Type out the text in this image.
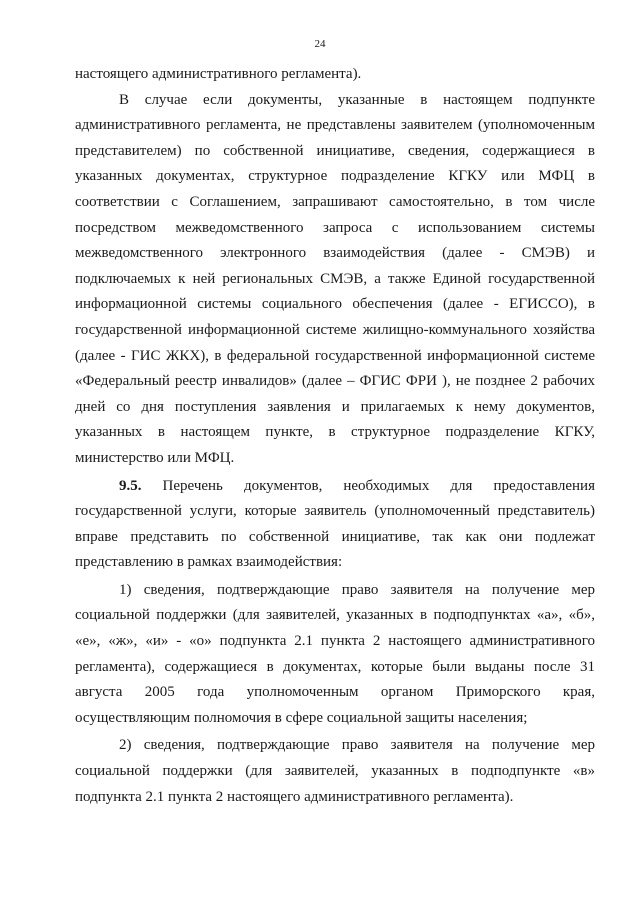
24

настоящего административного регламента).

В случае если документы, указанные в настоящем подпункте административного регламента, не представлены заявителем (уполномоченным представителем) по собственной инициативе, сведения, содержащиеся в указанных документах, структурное подразделение КГКУ или МФЦ в соответствии с Соглашением, запрашивают самостоятельно, в том числе посредством межведомственного запроса с использованием системы межведомственного электронного взаимодействия (далее - СМЭВ) и подключаемых к ней региональных СМЭВ, а также Единой государственной информационной системы социального обеспечения (далее - ЕГИССО), в государственной информационной системе жилищно-коммунального хозяйства (далее - ГИС ЖКХ), в федеральной государственной информационной системе «Федеральный реестр инвалидов» (далее – ФГИС ФРИ ), не позднее 2 рабочих дней со дня поступления заявления и прилагаемых к нему документов, указанных в настоящем пункте, в структурное подразделение КГКУ, министерство или МФЦ.

9.5. Перечень документов, необходимых для предоставления государственной услуги, которые заявитель (уполномоченный представитель) вправе представить по собственной инициативе, так как они подлежат представлению в рамках взаимодействия:

1) сведения, подтверждающие право заявителя на получение мер социальной поддержки (для заявителей, указанных в подподпунктах «а», «б», «е», «ж», «и» - «о» подпункта 2.1 пункта 2 настоящего административного регламента), содержащиеся в документах, которые были выданы после 31 августа 2005 года уполномоченным органом Приморского края, осуществляющим полномочия в сфере социальной защиты населения;

2) сведения, подтверждающие право заявителя на получение мер социальной поддержки (для заявителей, указанных в подподпункте «в» подпункта 2.1 пункта 2 настоящего административного регламента).
